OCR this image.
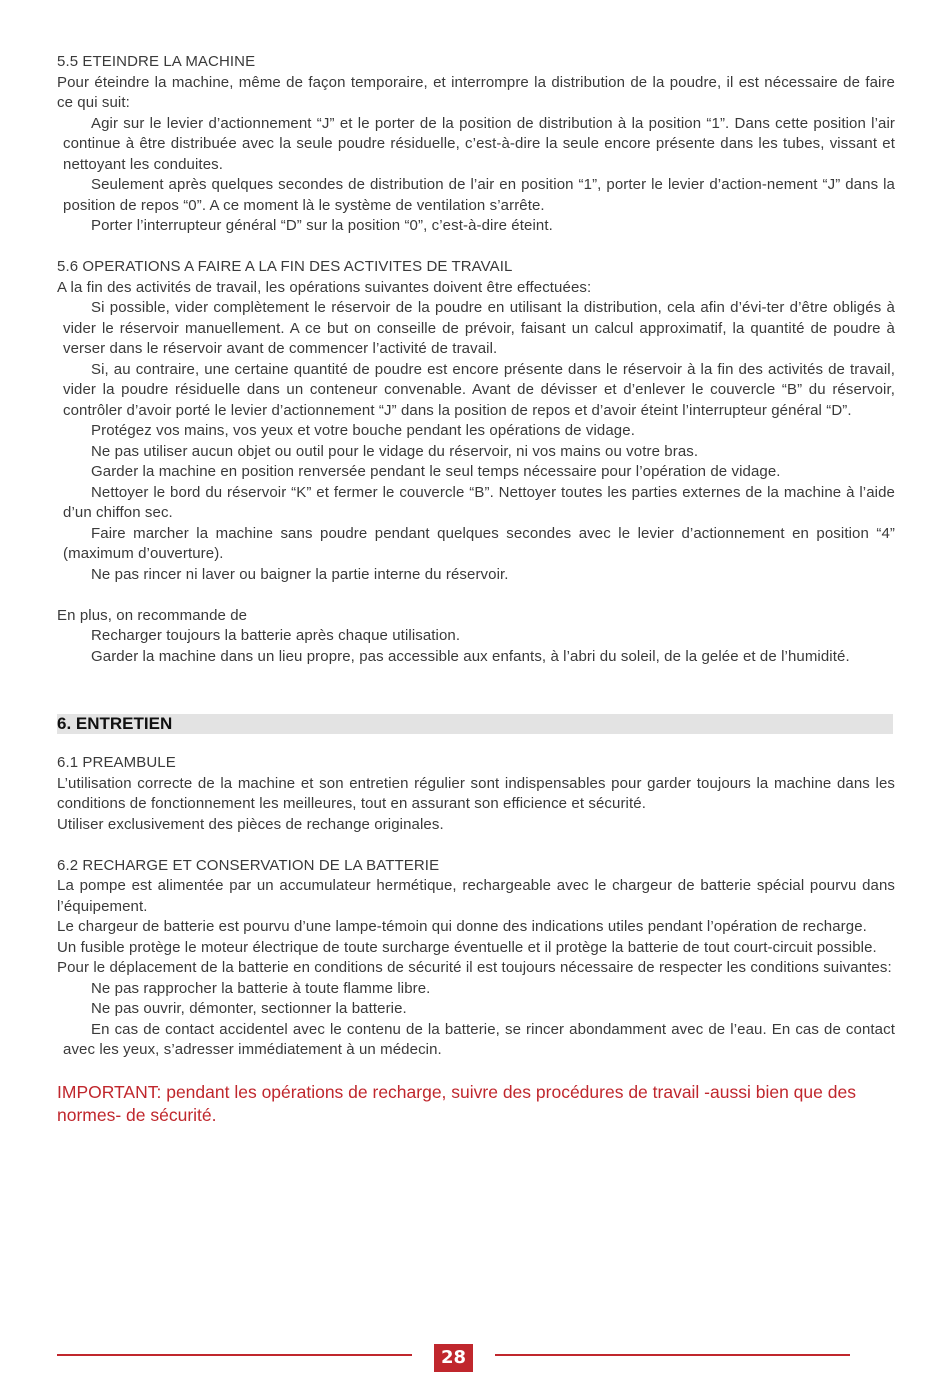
5.5 ETEINDRE LA MACHINE

Pour éteindre la machine, même de façon temporaire, et interrompre la distribution de la poudre, il est nécessaire de faire ce qui suit:

Agir sur le levier d’actionnement “J” et le porter de la position de distribution à la position “1”. Dans cette position l’air continue à être distribuée avec la seule poudre résiduelle, c’est-à-dire la seule encore présente dans les tubes, vissant et nettoyant les conduites.

Seulement après quelques secondes de distribution de l’air en position “1”, porter le levier d’action-nement “J” dans la position de repos “0”. A ce moment là le système de ventilation s’arrête.

Porter l’interrupteur général “D” sur la position “0”, c’est-à-dire éteint.

5.6 OPERATIONS A FAIRE A LA FIN DES ACTIVITES DE TRAVAIL

A la fin des activités de travail, les opérations suivantes doivent être effectuées:

Si possible, vider complètement le réservoir de la poudre en utilisant la distribution, cela afin d’évi-ter d’être obligés à vider le réservoir manuellement. A ce but on conseille de prévoir, faisant un calcul approximatif, la quantité de poudre à verser dans le réservoir avant de commencer l’activité de travail.

Si, au contraire, une certaine quantité de poudre est encore présente dans le réservoir à la fin des activités de travail, vider la poudre résiduelle dans un conteneur convenable. Avant de dévisser et d’enlever le couvercle “B” du réservoir, contrôler d’avoir porté le levier d’actionnement “J” dans la position de repos et d’avoir éteint l’interrupteur général “D”.

Protégez vos mains, vos yeux et votre bouche pendant les opérations de vidage.

Ne pas utiliser aucun objet ou outil pour le vidage du réservoir, ni vos mains ou votre bras.

Garder la machine en position renversée pendant le seul temps nécessaire pour l’opération de vidage.

Nettoyer le bord du réservoir “K” et fermer le couvercle “B”. Nettoyer toutes les parties externes de la machine à l’aide d’un chiffon sec.

Faire marcher la machine sans poudre pendant quelques secondes avec le levier d’actionnement en position “4” (maximum d’ouverture).

Ne pas rincer ni laver ou baigner la partie interne du réservoir.

En plus, on recommande de

Recharger toujours la batterie après chaque utilisation.

Garder la machine dans un lieu propre, pas accessible aux enfants, à l’abri du soleil, de la gelée et de l’humidité.

6. ENTRETIEN

6.1 PREAMBULE

L’utilisation correcte de la machine et son entretien régulier sont indispensables pour garder toujours la machine dans les conditions de fonctionnement les meilleures, tout en assurant son efficience et sécurité.

Utiliser exclusivement des pièces de rechange originales.

6.2 RECHARGE ET CONSERVATION DE LA BATTERIE

La pompe est alimentée par un accumulateur hermétique, rechargeable avec le chargeur de batterie spécial pourvu dans l’équipement.

Le chargeur de batterie est pourvu d’une lampe-témoin qui donne des indications utiles pendant l’opération de recharge.

Un fusible protège le moteur électrique de toute surcharge éventuelle et il protège la batterie de tout court-circuit possible.

Pour le déplacement de la batterie en conditions de sécurité il est toujours nécessaire de respecter les conditions suivantes:

Ne pas rapprocher la batterie à toute flamme libre.

Ne pas ouvrir, démonter, sectionner la batterie.

En cas de contact accidentel avec le contenu de la batterie, se rincer abondamment avec de l’eau. En cas de contact avec les yeux, s’adresser immédiatement à un médecin.

IMPORTANT: pendant les opérations de recharge, suivre des procédures de travail -aussi bien que des normes- de sécurité.

28
